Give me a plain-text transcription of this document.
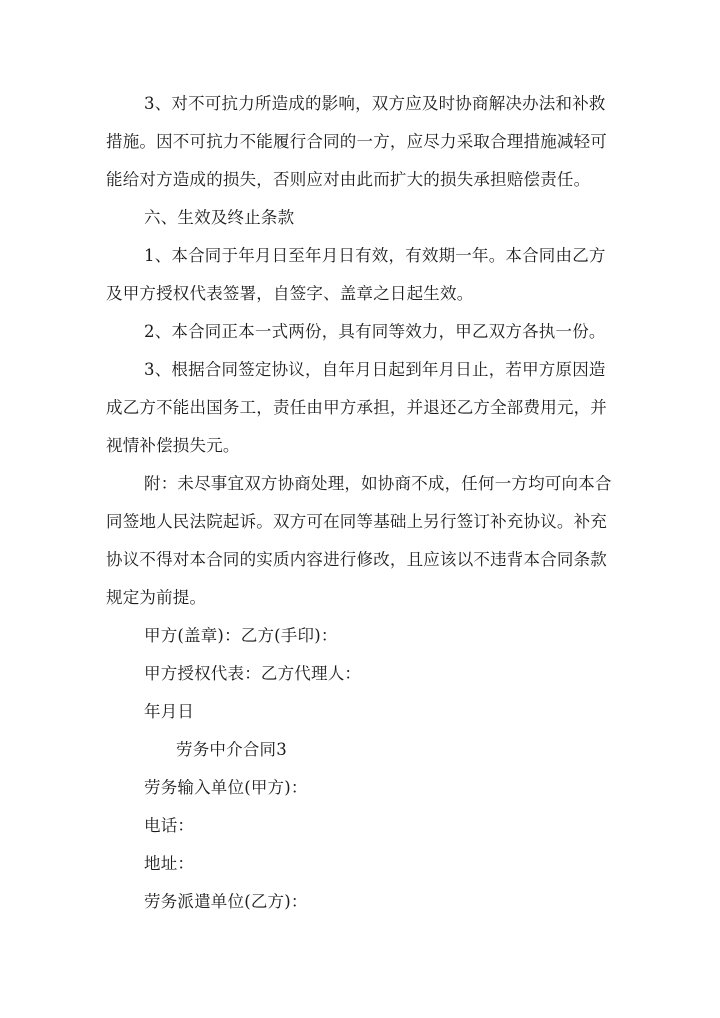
3、对不可抗力所造成的影响，双方应及时协商解决办法和补救
措施。因不可抗力不能履行合同的一方，应尽力采取合理措施减轻可
能给对方造成的损失，否则应对由此而扩大的损失承担赔偿责任。
六、生效及终止条款
1、本合同于年月日至年月日有效，有效期一年。本合同由乙方
及甲方授权代表签署，自签字、盖章之日起生效。
2、本合同正本一式两份，具有同等效力，甲乙双方各执一份。
3、根据合同签定协议，自年月日起到年月日止，若甲方原因造
成乙方不能出国务工，责任由甲方承担，并退还乙方全部费用元，并
视情补偿损失元。
附：未尽事宜双方协商处理，如协商不成，任何一方均可向本合
同签地人民法院起诉。双方可在同等基础上另行签订补充协议。补充
协议不得对本合同的实质内容进行修改，且应该以不违背本合同条款
规定为前提。
甲方(盖章)：乙方(手印)：
甲方授权代表：乙方代理人：
年月日
劳务中介合同3
劳务输入单位(甲方)：
电话：
地址：
劳务派遣单位(乙方)：
